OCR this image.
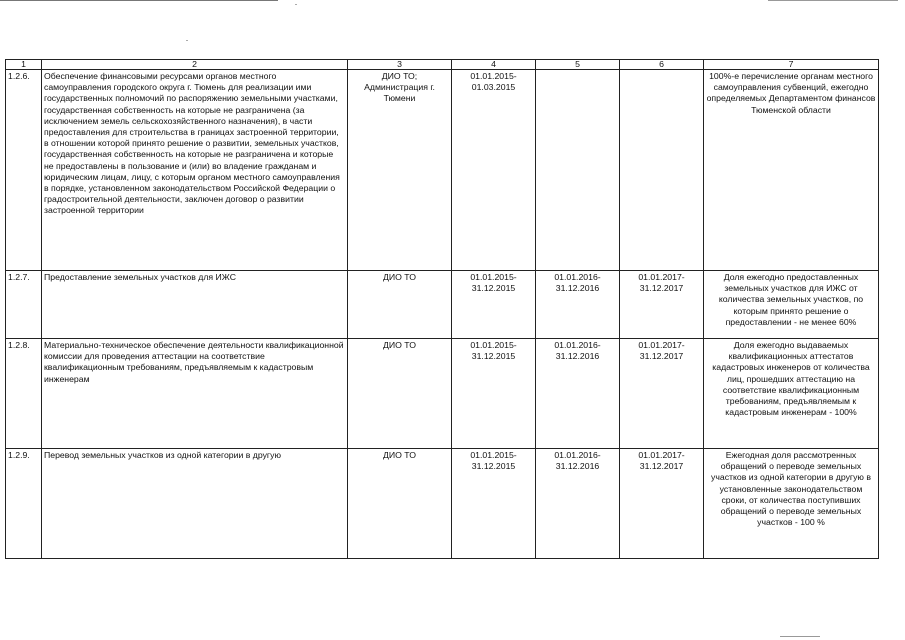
1	2	3	4	5	6	7
1.2.6.	Обеспечение финансовыми ресурсами органов местного самоуправления городского округа г. Тюмень для реализации ими государственных полномочий по распоряжению земельными участками, государственная собственность на которые не разграничена (за исключением земель сельскохозяйственного назначения), в части предоставления для строительства в границах застроенной территории, в отношении которой принято решение о развитии, земельных участков, государственная собственность на которые не разграничена и которые не предоставлены в пользование и (или) во владение гражданам и юридическим лицам, лицу, с которым органом местного самоуправления в порядке, установленном законодательством Российской Федерации о градостроительной деятельности, заключен договор о развитии застроенной территории	ДИО ТО; Администрация г. Тюмени	01.01.2015-01.03.2015			100%-е перечисление органам местного самоуправления субвенций, ежегодно определяемых Департаментом финансов Тюменской области
1.2.7.	Предоставление земельных участков для ИЖС	ДИО ТО	01.01.2015-31.12.2015	01.01.2016-31.12.2016	01.01.2017-31.12.2017	Доля ежегодно предоставленных земельных участков для ИЖС от количества земельных участков, по которым принято решение о предоставлении - не менее 60%
1.2.8.	Материально-техническое обеспечение деятельности квалификационной комиссии для проведения аттестации на соответствие квалификационным требованиям, предъявляемым к кадастровым инженерам	ДИО ТО	01.01.2015-31.12.2015	01.01.2016-31.12.2016	01.01.2017-31.12.2017	Доля ежегодно выдаваемых квалификационных аттестатов кадастровых инженеров от количества лиц, прошедших аттестацию на соответствие квалификационным требованиям, предъявляемым к кадастровым инженерам - 100%
1.2.9.	Перевод земельных участков из одной категории в другую	ДИО ТО	01.01.2015-31.12.2015	01.01.2016-31.12.2016	01.01.2017-31.12.2017	Ежегодная доля рассмотренных обращений о переводе земельных участков из одной категории в другую в установленные законодательством сроки, от количества поступивших обращений о переводе земельных участков - 100 %
